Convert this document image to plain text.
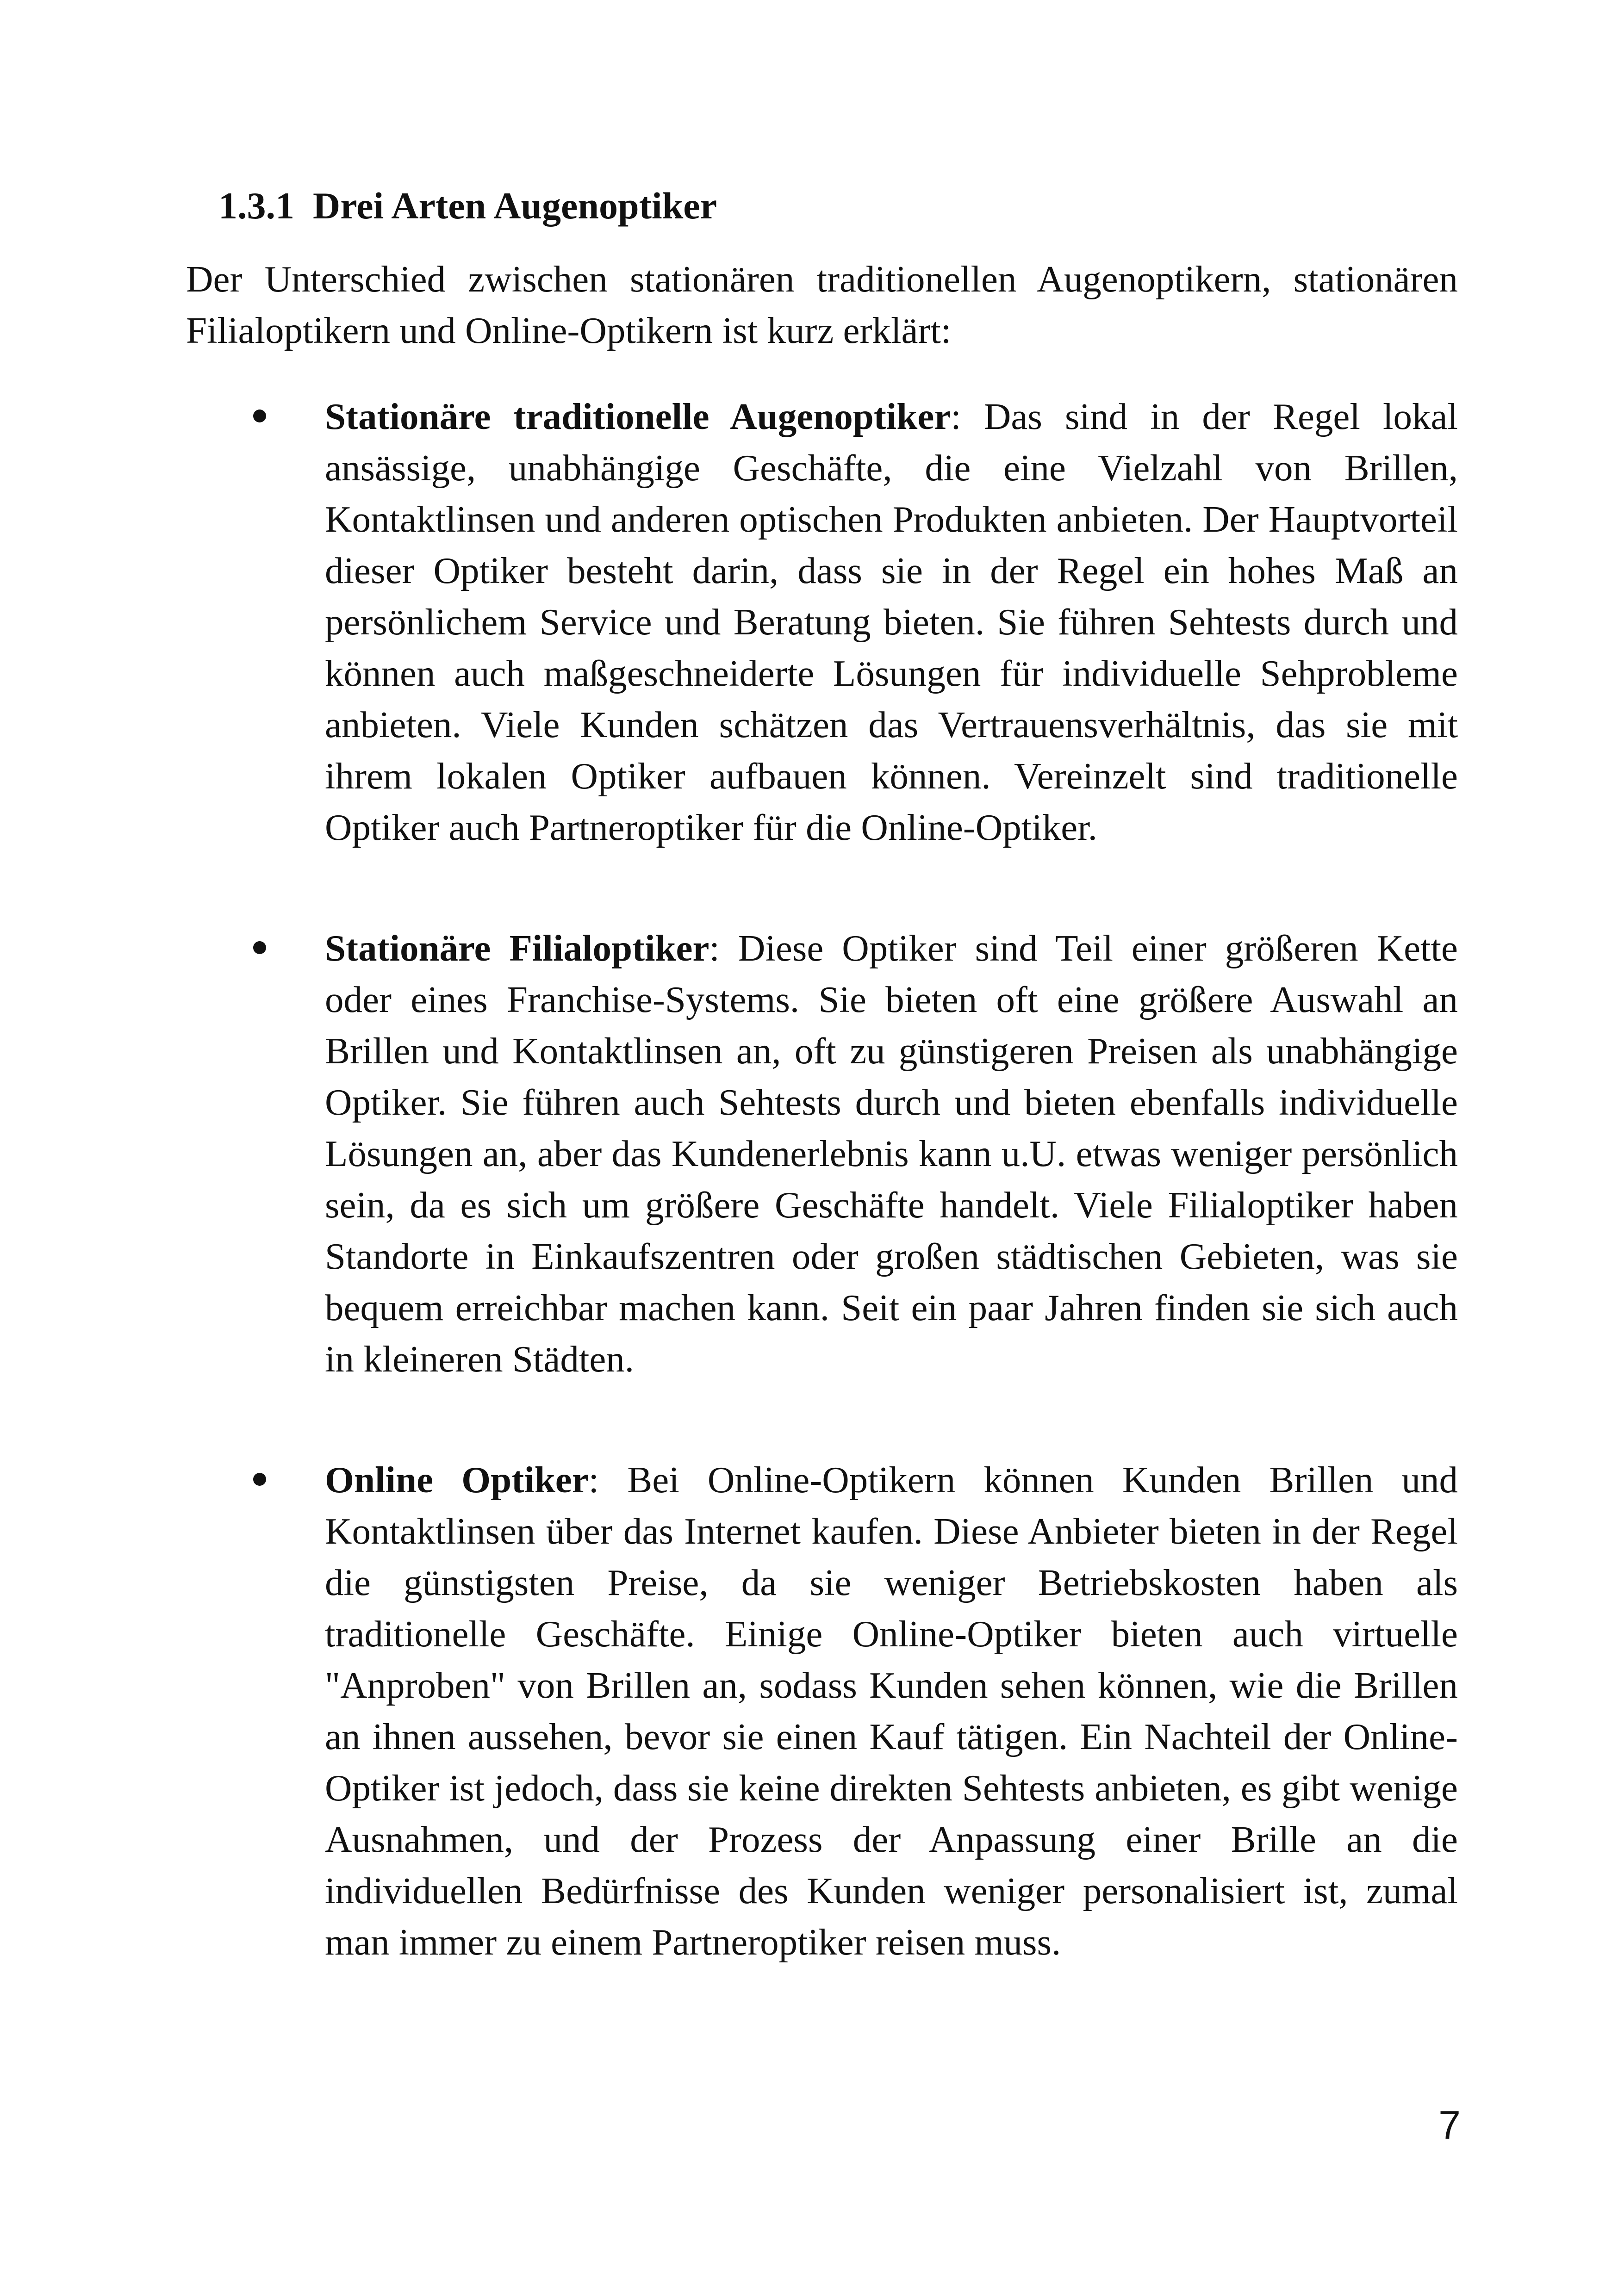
1.3.1 Drei Arten Augenoptiker

Der Unterschied zwischen stationären traditionellen Augenoptikern, stationären Filialoptikern und Online-Optikern ist kurz erklärt:

Stationäre traditionelle Augenoptiker: Das sind in der Regel lokal ansässige, unabhängige Geschäfte, die eine Vielzahl von Brillen, Kontaktlinsen und anderen optischen Produkten anbieten. Der Hauptvorteil dieser Optiker besteht darin, dass sie in der Regel ein hohes Maß an persönlichem Service und Beratung bieten. Sie führen Sehtests durch und können auch maßgeschneiderte Lösungen für individuelle Sehprobleme anbieten. Viele Kunden schätzen das Vertrauensverhältnis, das sie mit ihrem lokalen Optiker aufbauen können. Vereinzelt sind traditionelle Optiker auch Partneroptiker für die Online-Optiker.

Stationäre Filialoptiker: Diese Optiker sind Teil einer größeren Kette oder eines Franchise-Systems. Sie bieten oft eine größere Auswahl an Brillen und Kontaktlinsen an, oft zu günstigeren Preisen als unabhängige Optiker. Sie führen auch Sehtests durch und bieten ebenfalls individuelle Lösungen an, aber das Kundenerlebnis kann u.U. etwas weniger persönlich sein, da es sich um größere Geschäfte handelt. Viele Filialoptiker haben Standorte in Einkaufszentren oder großen städtischen Gebieten, was sie bequem erreichbar machen kann. Seit ein paar Jahren finden sie sich auch in kleineren Städten.

Online Optiker: Bei Online-Optikern können Kunden Brillen und Kontaktlinsen über das Internet kaufen. Diese Anbieter bieten in der Regel die günstigsten Preise, da sie weniger Betriebskosten haben als traditionelle Geschäfte. Einige Online-Optiker bieten auch virtuelle "Anproben" von Brillen an, sodass Kunden sehen können, wie die Brillen an ihnen aussehen, bevor sie einen Kauf tätigen. Ein Nachteil der Online-Optiker ist jedoch, dass sie keine direkten Sehtests anbieten, es gibt wenige Ausnahmen, und der Prozess der Anpassung einer Brille an die individuellen Bedürfnisse des Kunden weniger personalisiert ist, zumal man immer zu einem Partneroptiker reisen muss.

7
